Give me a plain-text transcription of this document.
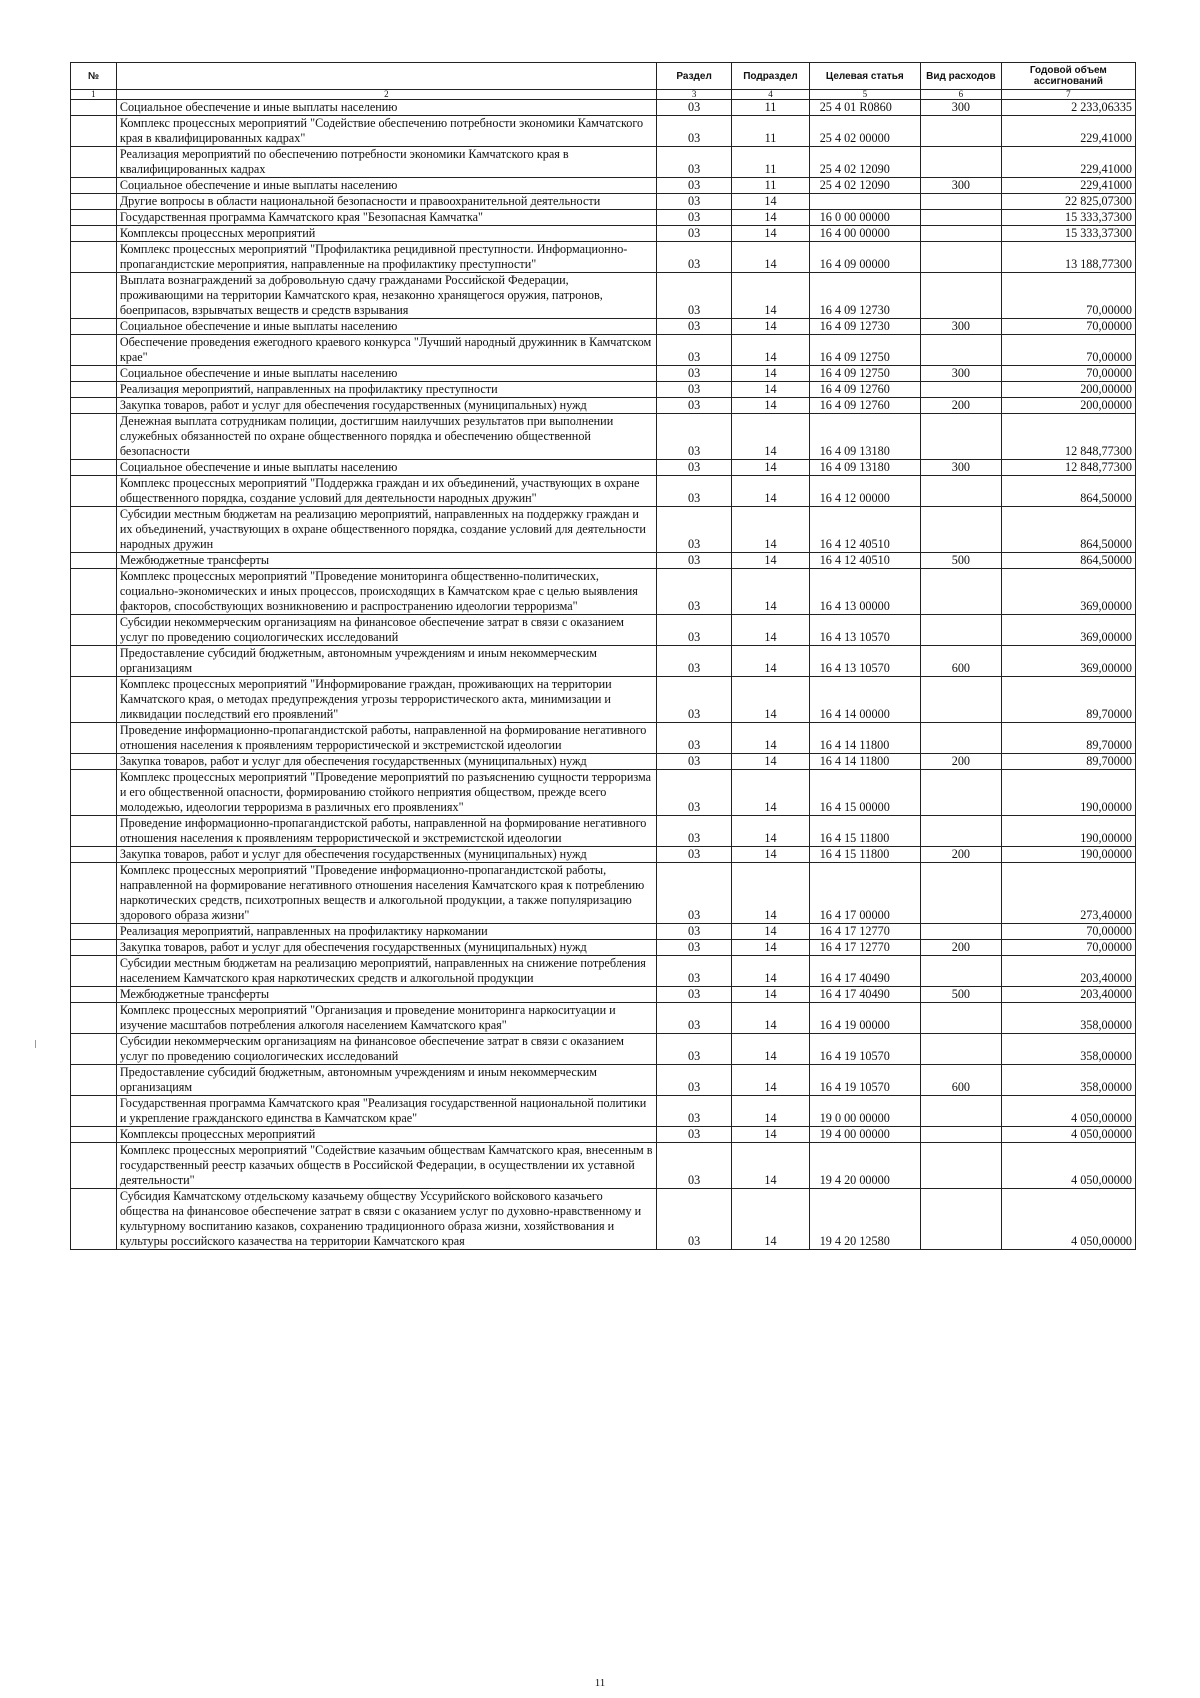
№		Раздел	Подраздел	Целевая статья	Вид расходов	Годовой объем ассигнований
1	2	3	4	5	6	7
	Социальное обеспечение и иные выплаты населению	03	11	25 4 01 R0860	300	2 233,06335
	Комплекс процессных мероприятий "Содействие обеспечению потребности экономики Камчатского края в квалифицированных кадрах"	03	11	25 4 02 00000		229,41000
	Реализация мероприятий по обеспечению потребности экономики Камчатского края в квалифицированных кадрах	03	11	25 4 02 12090		229,41000
	Социальное обеспечение и иные выплаты населению	03	11	25 4 02 12090	300	229,41000
	Другие вопросы в области национальной безопасности и правоохранительной деятельности	03	14			22 825,07300
	Государственная программа Камчатского края "Безопасная Камчатка"	03	14	16 0 00 00000		15 333,37300
	Комплексы процессных мероприятий	03	14	16 4 00 00000		15 333,37300
	Комплекс процессных мероприятий "Профилактика рецидивной преступности. Информационно-пропагандистские мероприятия, направленные на профилактику преступности"	03	14	16 4 09 00000		13 188,77300
	Выплата вознаграждений за добровольную сдачу гражданами Российской Федерации, проживающими на территории Камчатского края, незаконно хранящегося оружия, патронов, боеприпасов, взрывчатых веществ и средств взрывания	03	14	16 4 09 12730		70,00000
	Социальное обеспечение и иные выплаты населению	03	14	16 4 09 12730	300	70,00000
	Обеспечение проведения ежегодного краевого конкурса "Лучший народный дружинник в Камчатском крае"	03	14	16 4 09 12750		70,00000
	Социальное обеспечение и иные выплаты населению	03	14	16 4 09 12750	300	70,00000
	Реализация мероприятий, направленных на профилактику преступности	03	14	16 4 09 12760		200,00000
	Закупка товаров, работ и услуг для обеспечения государственных (муниципальных) нужд	03	14	16 4 09 12760	200	200,00000
	Денежная выплата сотрудникам полиции, достигшим наилучших результатов при выполнении служебных обязанностей по охране общественного порядка и обеспечению общественной безопасности	03	14	16 4 09 13180		12 848,77300
	Социальное обеспечение и иные выплаты населению	03	14	16 4 09 13180	300	12 848,77300
	Комплекс процессных мероприятий "Поддержка граждан и их объединений, участвующих в охране общественного порядка, создание условий для деятельности народных дружин"	03	14	16 4 12 00000		864,50000
	Субсидии местным бюджетам на реализацию мероприятий, направленных на поддержку граждан и их объединений, участвующих в охране общественного порядка, создание условий для деятельности народных дружин	03	14	16 4 12 40510		864,50000
	Межбюджетные трансферты	03	14	16 4 12 40510	500	864,50000
	Комплекс процессных мероприятий "Проведение мониторинга общественно-политических, социально-экономических и иных процессов, происходящих в Камчатском крае с целью выявления факторов, способствующих возникновению и распространению идеологии терроризма"	03	14	16 4 13 00000		369,00000
	Субсидии некоммерческим организациям на финансовое обеспечение затрат в связи с оказанием услуг по проведению социологических исследований	03	14	16 4 13 10570		369,00000
	Предоставление субсидий бюджетным, автономным учреждениям и иным некоммерческим организациям	03	14	16 4 13 10570	600	369,00000
	Комплекс процессных мероприятий "Информирование граждан, проживающих на территории Камчатского края, о методах предупреждения угрозы террористического акта, минимизации и ликвидации последствий его проявлений"	03	14	16 4 14 00000		89,70000
	Проведение информационно-пропагандистской работы, направленной на формирование негативного отношения населения к проявлениям террористической и экстремистской идеологии	03	14	16 4 14 11800		89,70000
	Закупка товаров, работ и услуг для обеспечения государственных (муниципальных) нужд	03	14	16 4 14 11800	200	89,70000
	Комплекс процессных мероприятий "Проведение мероприятий по разъяснению сущности терроризма и его общественной опасности, формированию стойкого неприятия обществом, прежде всего молодежью, идеологии терроризма в различных его проявлениях"	03	14	16 4 15 00000		190,00000
	Проведение информационно-пропагандистской работы, направленной на формирование негативного отношения населения к проявлениям террористической и экстремистской идеологии	03	14	16 4 15 11800		190,00000
	Закупка товаров, работ и услуг для обеспечения государственных (муниципальных) нужд	03	14	16 4 15 11800	200	190,00000
	Комплекс процессных мероприятий "Проведение информационно-пропагандистской работы, направленной на формирование негативного отношения населения Камчатского края к потреблению наркотических средств, психотропных веществ и алкогольной продукции, а также популяризацию здорового образа жизни"	03	14	16 4 17 00000		273,40000
	Реализация мероприятий, направленных на профилактику наркомании	03	14	16 4 17 12770		70,00000
	Закупка товаров, работ и услуг для обеспечения государственных (муниципальных) нужд	03	14	16 4 17 12770	200	70,00000
	Субсидии местным бюджетам на реализацию мероприятий, направленных на снижение потребления населением Камчатского края наркотических средств и алкогольной продукции	03	14	16 4 17 40490		203,40000
	Межбюджетные трансферты	03	14	16 4 17 40490	500	203,40000
	Комплекс процессных мероприятий "Организация и проведение мониторинга наркоситуации и изучение масштабов потребления алкоголя населением Камчатского края"	03	14	16 4 19 00000		358,00000
	Субсидии некоммерческим организациям на финансовое обеспечение затрат в связи с оказанием услуг по проведению социологических исследований	03	14	16 4 19 10570		358,00000
	Предоставление субсидий бюджетным, автономным учреждениям и иным некоммерческим организациям	03	14	16 4 19 10570	600	358,00000
	Государственная программа Камчатского края "Реализация государственной национальной политики и укрепление гражданского единства в Камчатском крае"	03	14	19 0 00 00000		4 050,00000
	Комплексы процессных мероприятий	03	14	19 4 00 00000		4 050,00000
	Комплекс процессных мероприятий "Содействие казачьим обществам Камчатского края, внесенным в государственный реестр казачьих обществ в Российской Федерации, в осуществлении их уставной деятельности"	03	14	19 4 20 00000		4 050,00000
	Субсидия Камчатскому отдельскому казачьему обществу Уссурийского войскового казачьего общества на финансовое обеспечение затрат в связи с оказанием услуг по духовно-нравственному и культурному воспитанию казаков, сохранению традиционного образа жизни, хозяйствования и культуры российского казачества на территории Камчатского края	03	14	19 4 20 12580		4 050,00000
11
